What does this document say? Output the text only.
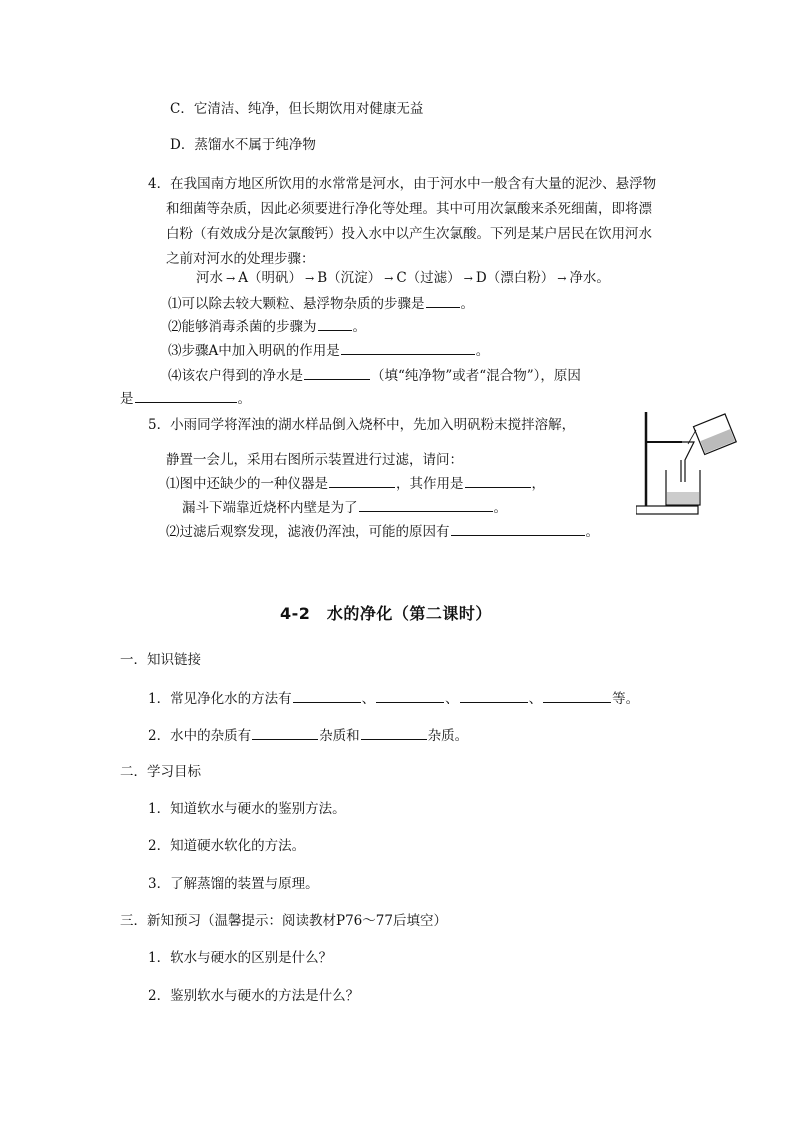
C．它清洁、纯净，但长期饮用对健康无益
D．蒸馏水不属于纯净物
4．在我国南方地区所饮用的水常常是河水，由于河水中一般含有大量的泥沙、悬浮物
和细菌等杂质，因此必须要进行净化等处理。其中可用次氯酸来杀死细菌，即将漂
白粉（有效成分是次氯酸钙）投入水中以产生次氯酸。下列是某户居民在饮用河水
之前对河水的处理步骤：
河水 → A（明矾） → B（沉淀） → C（过滤） → D（漂白粉） → 净水。
⑴可以除去较大颗粒、悬浮物杂质的步骤是	。
⑵能够消毒杀菌的步骤为	。
⑶步骤A中加入明矾的作用是	。
⑷该农户得到的净水是	（填“纯净物”或者“混合物”），原因
是	。
5．小雨同学将浑浊的湖水样品倒入烧杯中，先加入明矾粉末搅拌溶解，
静置一会儿，采用右图所示装置进行过滤，请问：
⑴图中还缺少的一种仪器是	，其作用是	，
漏斗下端靠近烧杯内壁是为了	。
⑵过滤后观察发现，滤液仍浑浊，可能的原因有	。
4-2　水的净化（第二课时）
一．知识链接
1．常见净化水的方法有	、	、	、	等。
2．水中的杂质有	杂质和	杂质。
二．学习目标
1．知道软水与硬水的鉴别方法。
2．知道硬水软化的方法。
3．了解蒸馏的装置与原理。
三．新知预习（温馨提示：阅读教材P76～77后填空）
1．软水与硬水的区别是什么？
2．鉴别软水与硬水的方法是什么？
